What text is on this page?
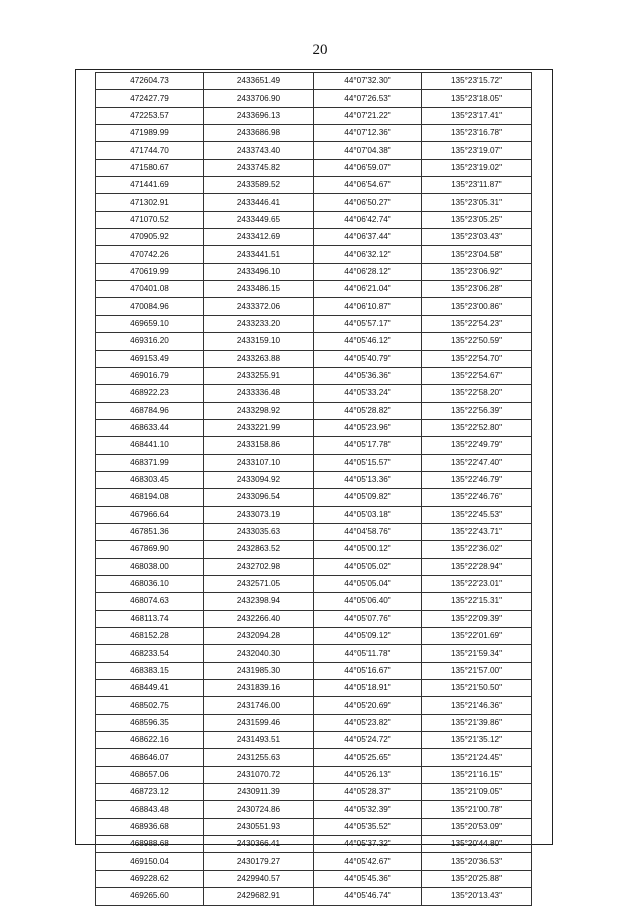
20
472604.73	2433651.49	44°07'32.30"	135°23'15.72"	
472427.79	2433706.90	44°07'26.53"	135°23'18.05"	
472253.57	2433696.13	44°07'21.22"	135°23'17.41"	
471989.99	2433686.98	44°07'12.36"	135°23'16.78"	
471744.70	2433743.40	44°07'04.38"	135°23'19.07"	
471580.67	2433745.82	44°06'59.07"	135°23'19.02"	
471441.69	2433589.52	44°06'54.67"	135°23'11.87"	
471302.91	2433446.41	44°06'50.27"	135°23'05.31"	
471070.52	2433449.65	44°06'42.74"	135°23'05.25"	
470905.92	2433412.69	44°06'37.44"	135°23'03.43"	
470742.26	2433441.51	44°06'32.12"	135°23'04.58"	
470619.99	2433496.10	44°06'28.12"	135°23'06.92"	
470401.08	2433486.15	44°06'21.04"	135°23'06.28"	
470084.96	2433372.06	44°06'10.87"	135°23'00.86"	
469659.10	2433233.20	44°05'57.17"	135°22'54.23"	
469316.20	2433159.10	44°05'46.12"	135°22'50.59"	
469153.49	2433263.88	44°05'40.79"	135°22'54.70"	
469016.79	2433255.91	44°05'36.36"	135°22'54.67"	
468922.23	2433336.48	44°05'33.24"	135°22'58.20"	
468784.96	2433298.92	44°05'28.82"	135°22'56.39"	
468633.44	2433221.99	44°05'23.96"	135°22'52.80"	
468441.10	2433158.86	44°05'17.78"	135°22'49.79"	
468371.99	2433107.10	44°05'15.57"	135°22'47.40"	
468303.45	2433094.92	44°05'13.36"	135°22'46.79"	
468194.08	2433096.54	44°05'09.82"	135°22'46.76"	
467966.64	2433073.19	44°05'03.18"	135°22'45.53"	
467851.36	2433035.63	44°04'58.76"	135°22'43.71"	
467869.90	2432863.52	44°05'00.12"	135°22'36.02"	
468038.00	2432702.98	44°05'05.02"	135°22'28.94"	
468036.10	2432571.05	44°05'05.04"	135°22'23.01"	
468074.63	2432398.94	44°05'06.40"	135°22'15.31"	
468113.74	2432266.40	44°05'07.76"	135°22'09.39"	
468152.28	2432094.28	44°05'09.12"	135°22'01.69"	
468233.54	2432040.30	44°05'11.78"	135°21'59.34"	
468383.15	2431985.30	44°05'16.67"	135°21'57.00"	
468449.41	2431839.16	44°05'18.91"	135°21'50.50"	
468502.75	2431746.00	44°05'20.69"	135°21'46.36"	
468596.35	2431599.46	44°05'23.82"	135°21'39.86"	
468622.16	2431493.51	44°05'24.72"	135°21'35.12"	
468646.07	2431255.63	44°05'25.65"	135°21'24.45"	
468657.06	2431070.72	44°05'26.13"	135°21'16.15"	
468723.12	2430911.39	44°05'28.37"	135°21'09.05"	
468843.48	2430724.86	44°05'32.39"	135°21'00.78"	
468936.68	2430551.93	44°05'35.52"	135°20'53.09"	
468988.68	2430366.41	44°05'37.32"	135°20'44.80"	
469150.04	2430179.27	44°05'42.67"	135°20'36.53"	
469228.62	2429940.57	44°05'45.36"	135°20'25.88"	
469265.60	2429682.91	44°05'46.74"	135°20'13.43"	
